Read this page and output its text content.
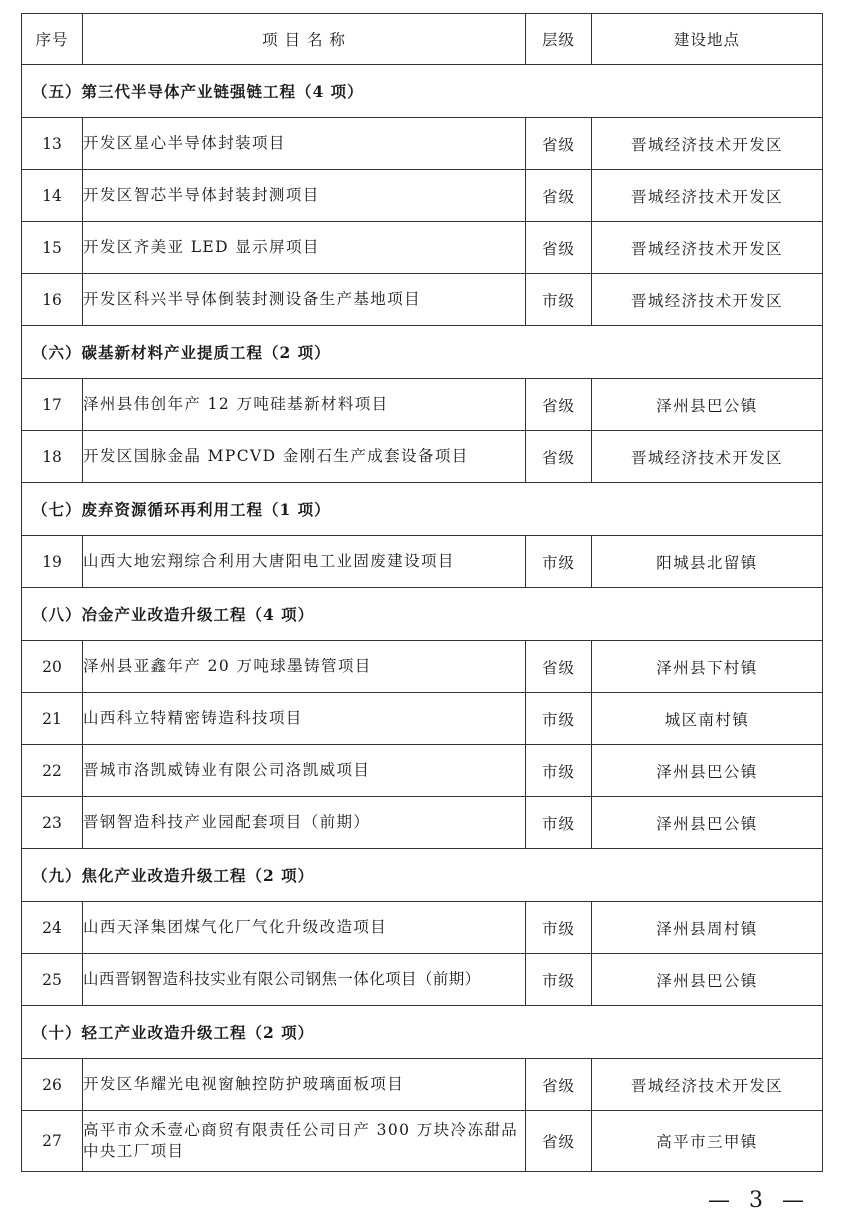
序号	项 目 名 称	层级	建设地点
（五）第三代半导体产业链强链工程（4 项）			
13	开发区星心半导体封装项目	省级	晋城经济技术开发区
14	开发区智芯半导体封装封测项目	省级	晋城经济技术开发区
15	开发区齐美亚 LED 显示屏项目	省级	晋城经济技术开发区
16	开发区科兴半导体倒装封测设备生产基地项目	市级	晋城经济技术开发区
（六）碳基新材料产业提质工程（2 项）			
17	泽州县伟创年产 12 万吨硅基新材料项目	省级	泽州县巴公镇
18	开发区国脉金晶 MPCVD 金刚石生产成套设备项目	省级	晋城经济技术开发区
（七）废弃资源循环再利用工程（1 项）			
19	山西大地宏翔综合利用大唐阳电工业固废建设项目	市级	阳城县北留镇
（八）冶金产业改造升级工程（4 项）			
20	泽州县亚鑫年产 20 万吨球墨铸管项目	省级	泽州县下村镇
21	山西科立特精密铸造科技项目	市级	城区南村镇
22	晋城市洛凯威铸业有限公司洛凯威项目	市级	泽州县巴公镇
23	晋钢智造科技产业园配套项目（前期）	市级	泽州县巴公镇
（九）焦化产业改造升级工程（2 项）			
24	山西天泽集团煤气化厂气化升级改造项目	市级	泽州县周村镇
25	山西晋钢智造科技实业有限公司钢焦一体化项目（前期）	市级	泽州县巴公镇
（十）轻工产业改造升级工程（2 项）			
26	开发区华耀光电视窗触控防护玻璃面板项目	省级	晋城经济技术开发区
27	高平市众禾壹心商贸有限责任公司日产 300 万块冷冻甜品中央工厂项目	省级	高平市三甲镇
— 3 —
